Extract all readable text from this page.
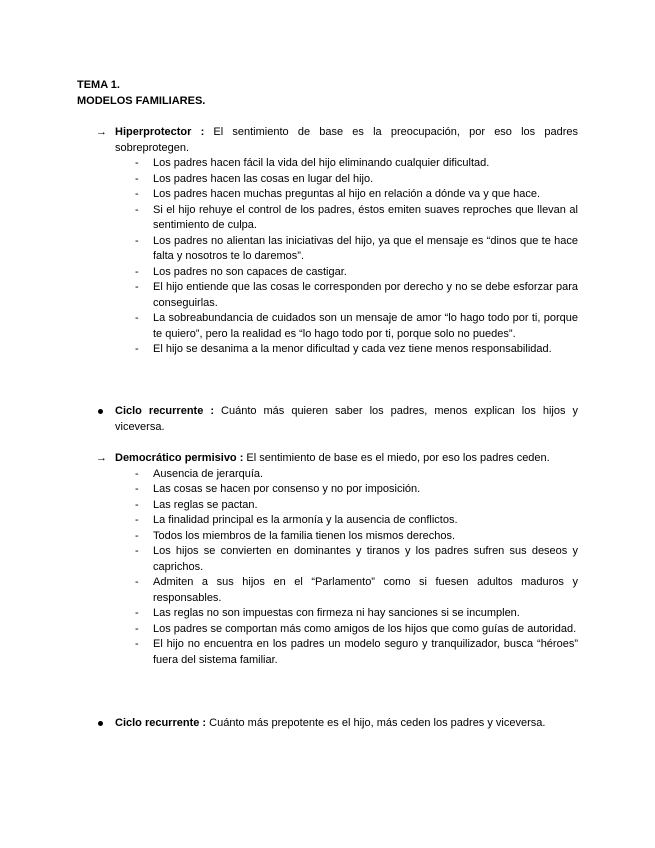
TEMA 1.
MODELOS FAMILIARES.
→ Hiperprotector : El sentimiento de base es la preocupación, por eso los padres sobreprotegen.
- Los padres hacen fácil la vida del hijo eliminando cualquier dificultad.
- Los padres hacen las cosas en lugar del hijo.
- Los padres hacen muchas preguntas al hijo en relación a dónde va y que hace.
- Si el hijo rehuye el control de los padres, éstos emiten suaves reproches que llevan al sentimiento de culpa.
- Los padres no alientan las iniciativas del hijo, ya que el mensaje es “dinos que te hace falta y nosotros te lo daremos”.
- Los padres no son capaces de castigar.
- El hijo entiende que las cosas le corresponden por derecho y no se debe esforzar para conseguirlas.
- La sobreabundancia de cuidados son un mensaje de amor “lo hago todo por ti, porque te quiero”, pero la realidad es “lo hago todo por ti, porque solo no puedes”.
- El hijo se desanima a la menor dificultad y cada vez tiene menos responsabilidad.
Ciclo recurrente : Cuánto más quieren saber los padres, menos explican los hijos y viceversa.
→ Democrático permisivo : El sentimiento de base es el miedo, por eso los padres ceden.
- Ausencia de jerarquía.
- Las cosas se hacen por consenso y no por imposición.
- Las reglas se pactan.
- La finalidad principal es la armonía y la ausencia de conflictos.
- Todos los miembros de la familia tienen los mismos derechos.
- Los hijos se convierten en dominantes y tiranos y los padres sufren sus deseos y caprichos.
- Admiten a sus hijos en el “Parlamento” como si fuesen adultos maduros y responsables.
- Las reglas no son impuestas con firmeza ni hay sanciones si se incumplen.
- Los padres se comportan más como amigos de los hijos que como guías de autoridad.
- El hijo no encuentra en los padres un modelo seguro y tranquilizador, busca “héroes” fuera del sistema familiar.
Ciclo recurrente : Cuánto más prepotente es el hijo, más ceden los padres y viceversa.
